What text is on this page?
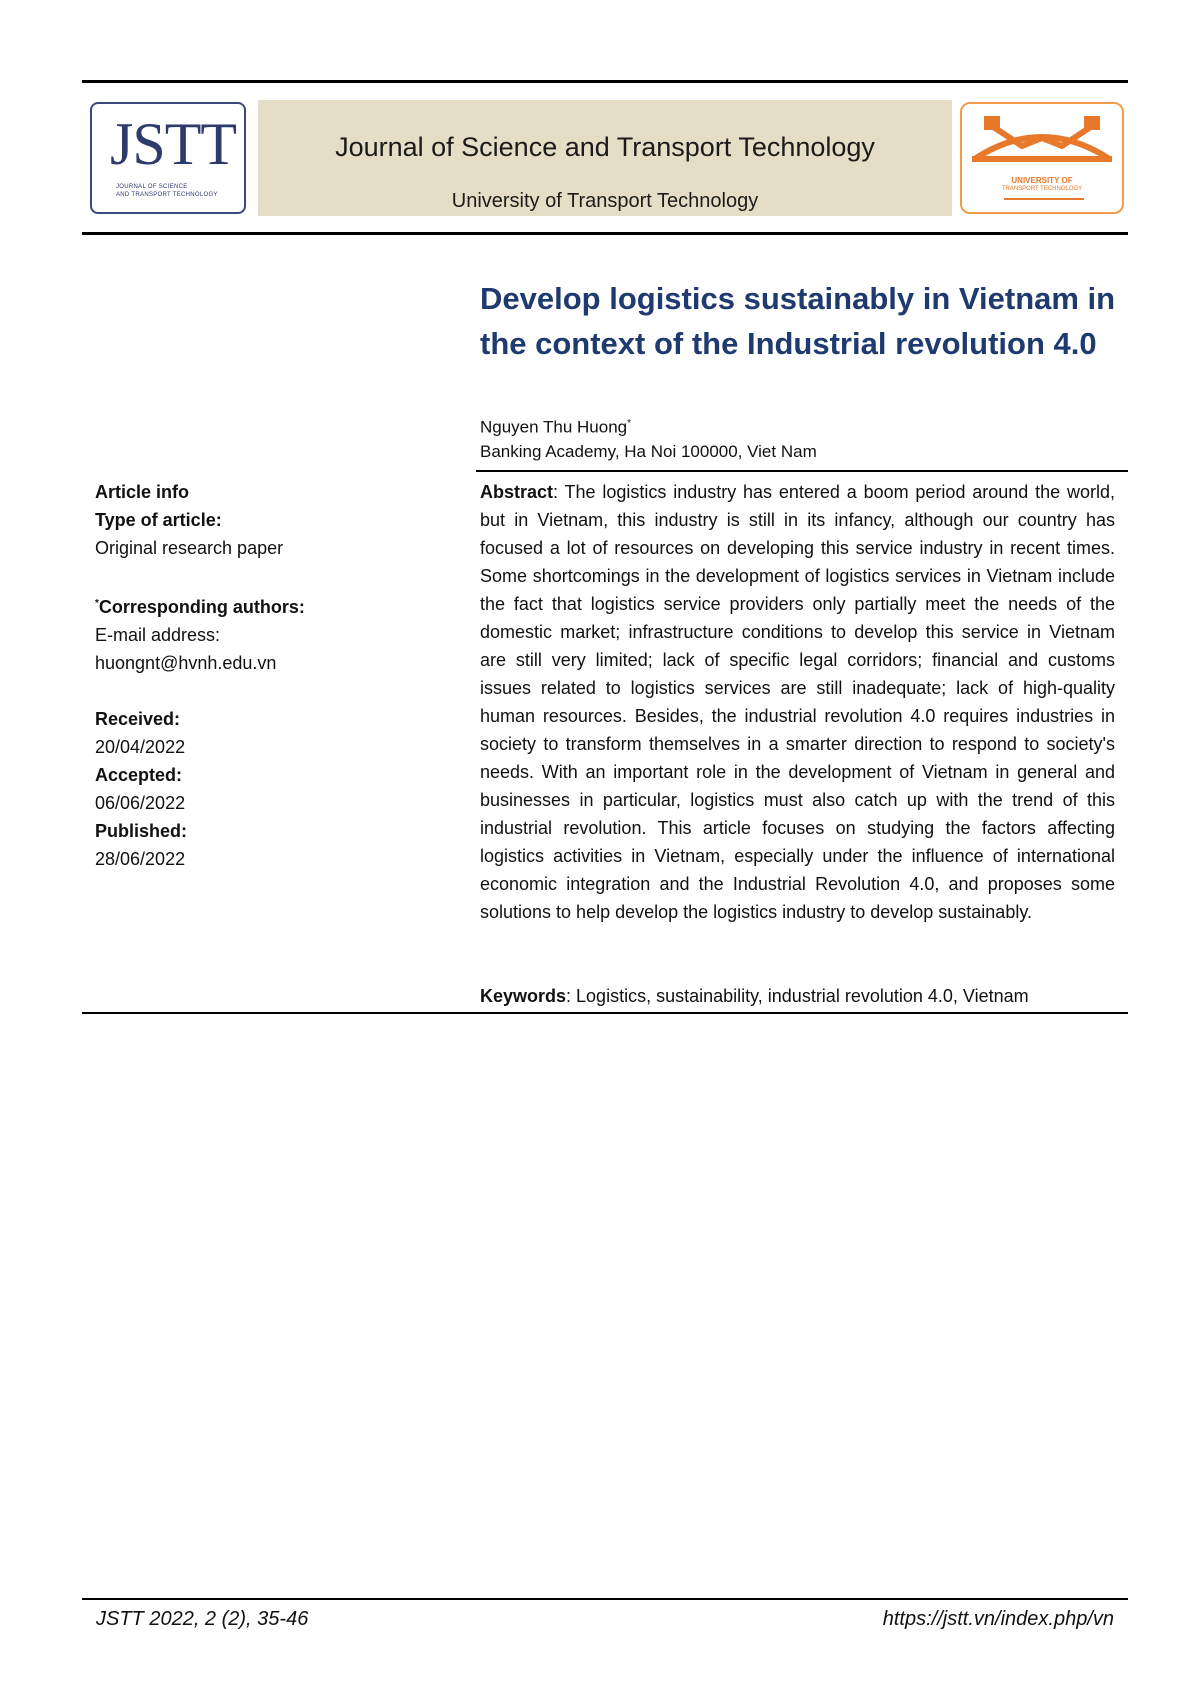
JSTT
JOURNAL OF SCIENCE
AND TRANSPORT TECHNOLOGY
Journal of Science and Transport Technology
University of Transport Technology
UNIVERSITY OF
TRANSPORT TECHNOLOGY
Develop logistics sustainably in Vietnam in the context of the Industrial revolution 4.0
Nguyen Thu Huong*
Banking Academy, Ha Noi 100000, Viet Nam
Article info
Type of article:
Original research paper
*Corresponding authors:
E-mail address:
huongnt@hvnh.edu.vn
Received:
20/04/2022
Accepted:
06/06/2022
Published:
28/06/2022

Abstract: The logistics industry has entered a boom period around the world, but in Vietnam, this industry is still in its infancy, although our country has focused a lot of resources on developing this service industry in recent times. Some shortcomings in the development of logistics services in Vietnam include the fact that logistics service providers only partially meet the needs of the domestic market; infrastructure conditions to develop this service in Vietnam are still very limited; lack of specific legal corridors; financial and customs issues related to logistics services are still inadequate; lack of high-quality human resources. Besides, the industrial revolution 4.0 requires industries in society to transform themselves in a smarter direction to respond to society's needs. With an important role in the development of Vietnam in general and businesses in particular, logistics must also catch up with the trend of this industrial revolution. This article focuses on studying the factors affecting logistics activities in Vietnam, especially under the influence of international economic integration and the Industrial Revolution 4.0, and proposes some solutions to help develop the logistics industry to develop sustainably.

Keywords: Logistics, sustainability, industrial revolution 4.0, Vietnam
JSTT 2022, 2 (2), 35-46	https://jstt.vn/index.php/vn
